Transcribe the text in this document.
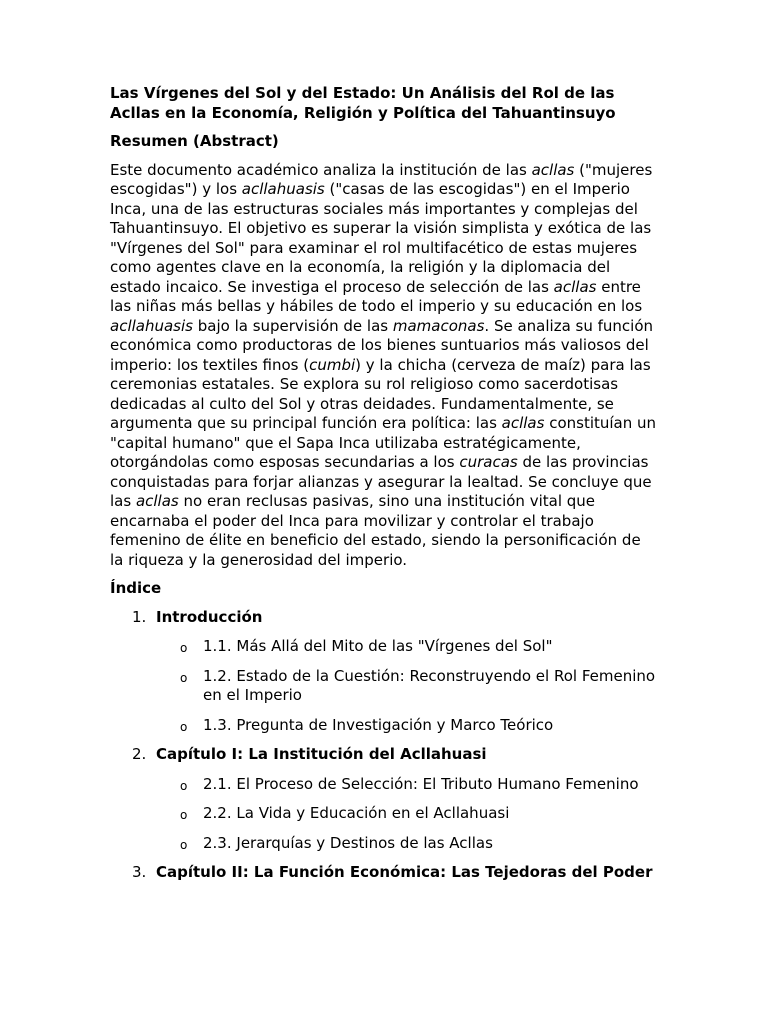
Las Vírgenes del Sol y del Estado: Un Análisis del Rol de las Acllas en la Economía, Religión y Política del Tahuantinsuyo
Resumen (Abstract)
Este documento académico analiza la institución de las acllas ("mujeres escogidas") y los acllahuasis ("casas de las escogidas") en el Imperio Inca, una de las estructuras sociales más importantes y complejas del Tahuantinsuyo. El objetivo es superar la visión simplista y exótica de las "Vírgenes del Sol" para examinar el rol multifacético de estas mujeres como agentes clave en la economía, la religión y la diplomacia del estado incaico. Se investiga el proceso de selección de las acllas entre las niñas más bellas y hábiles de todo el imperio y su educación en los acllahuasis bajo la supervisión de las mamaconas. Se analiza su función económica como productoras de los bienes suntuarios más valiosos del imperio: los textiles finos (cumbi) y la chicha (cerveza de maíz) para las ceremonias estatales. Se explora su rol religioso como sacerdotisas dedicadas al culto del Sol y otras deidades. Fundamentalmente, se argumenta que su principal función era política: las acllas constituían un "capital humano" que el Sapa Inca utilizaba estratégicamente, otorgándolas como esposas secundarias a los curacas de las provincias conquistadas para forjar alianzas y asegurar la lealtad. Se concluye que las acllas no eran reclusas pasivas, sino una institución vital que encarnaba el poder del Inca para movilizar y controlar el trabajo femenino de élite en beneficio del estado, siendo la personificación de la riqueza y la generosidad del imperio.
Índice
1. Introducción
o 1.1. Más Allá del Mito de las "Vírgenes del Sol"
o 1.2. Estado de la Cuestión: Reconstruyendo el Rol Femenino en el Imperio
o 1.3. Pregunta de Investigación y Marco Teórico
2. Capítulo I: La Institución del Acllahuasi
o 2.1. El Proceso de Selección: El Tributo Humano Femenino
o 2.2. La Vida y Educación en el Acllahuasi
o 2.3. Jerarquías y Destinos de las Acllas
3. Capítulo II: La Función Económica: Las Tejedoras del Poder
